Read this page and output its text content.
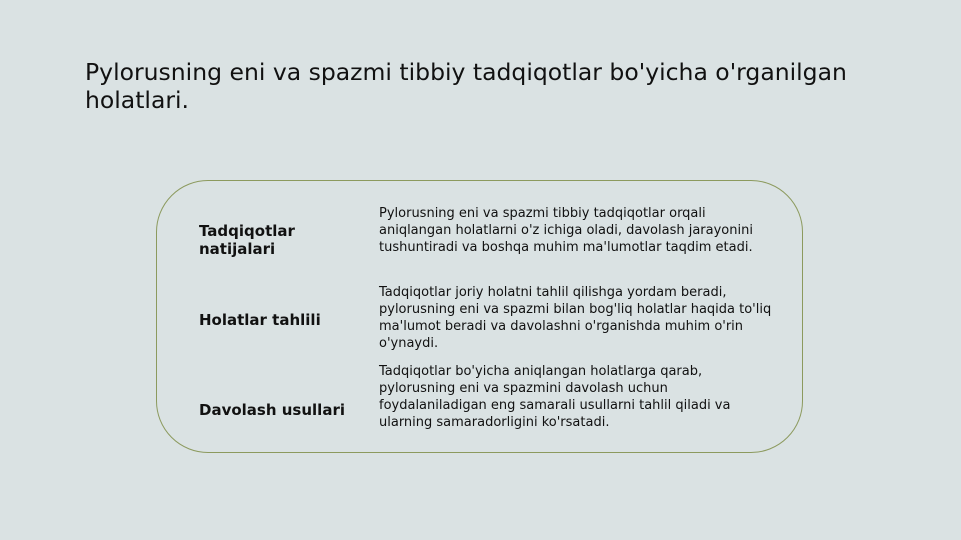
Pylorusning eni va spazmi tibbiy tadqiqotlar bo'yicha o'rganilgan holatlari.
Tadqiqotlar natijalari
Pylorusning eni va spazmi tibbiy tadqiqotlar orqali aniqlangan holatlarni o'z ichiga oladi, davolash jarayonini tushuntiradi va boshqa muhim ma'lumotlar taqdim etadi.
Holatlar tahlili
Tadqiqotlar joriy holatni tahlil qilishga yordam beradi, pylorusning eni va spazmi bilan bog'liq holatlar haqida to'liq ma'lumot beradi va davolashni o'rganishda muhim o'rin o'ynaydi.
Davolash usullari
Tadqiqotlar bo'yicha aniqlangan holatlarga qarab, pylorusning eni va spazmini davolash uchun foydalaniladigan eng samarali usullarni tahlil qiladi va ularning samaradorligini ko'rsatadi.
